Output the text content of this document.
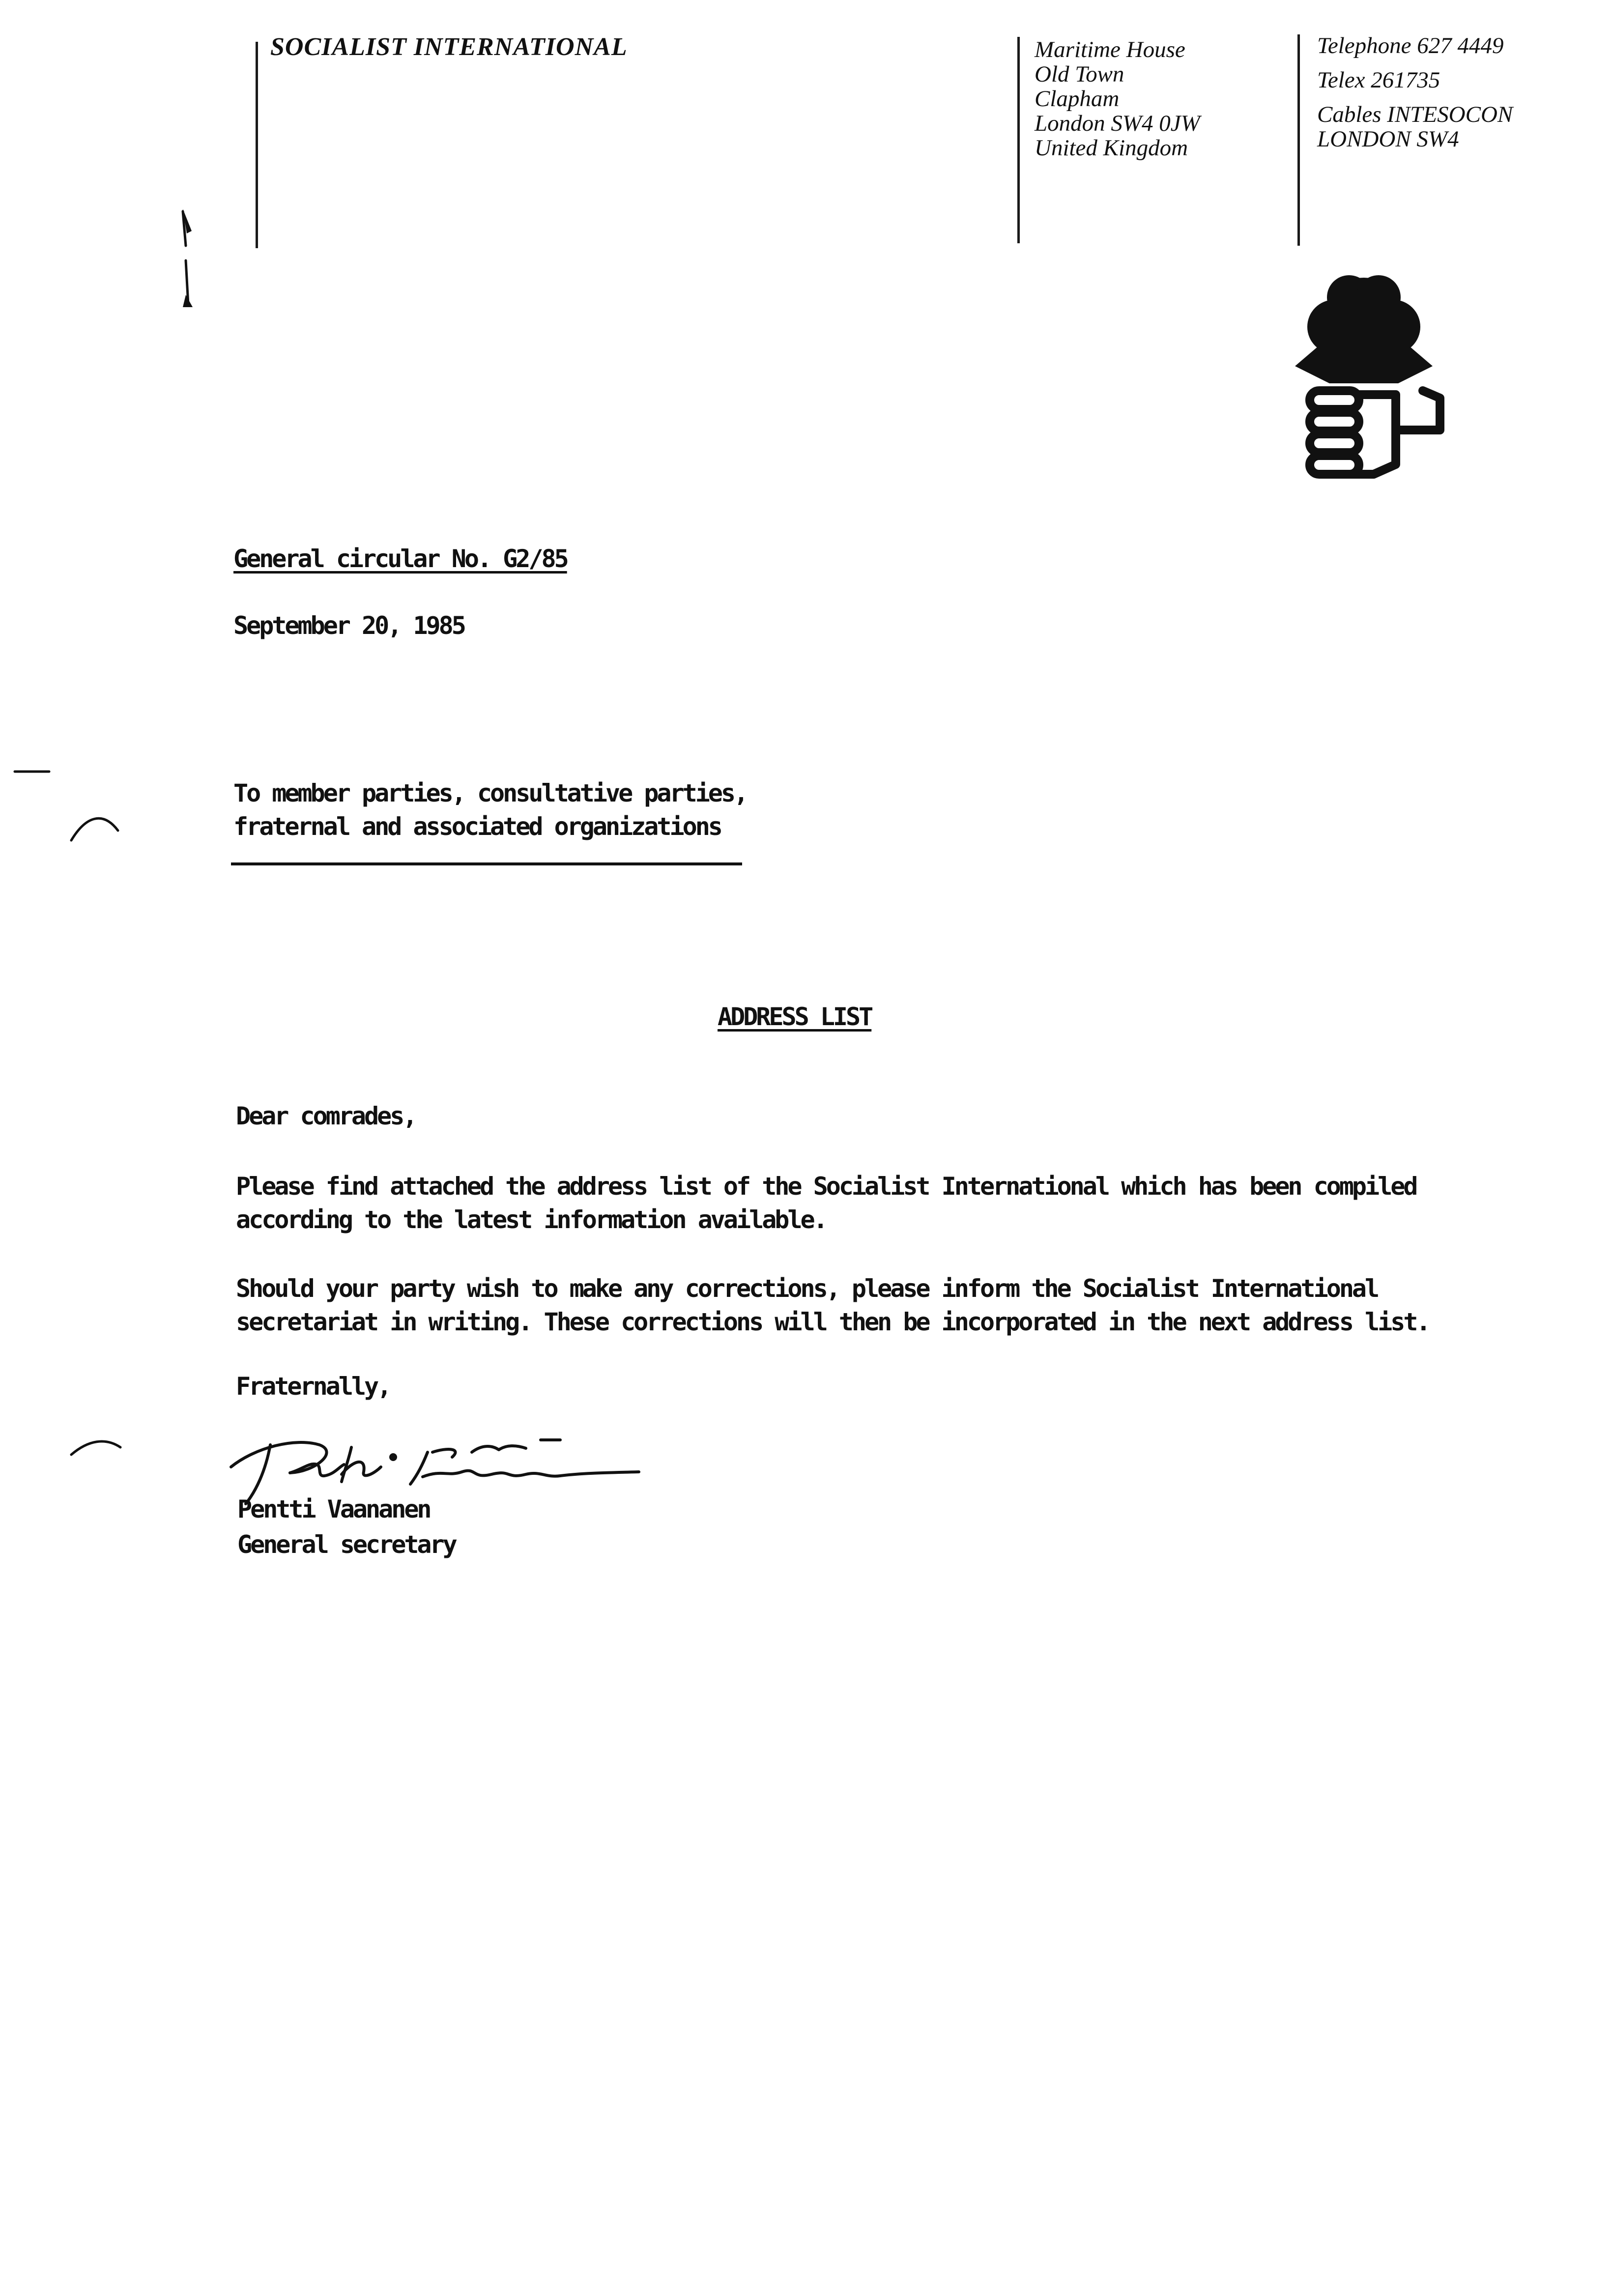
SOCIALIST INTERNATIONAL	Maritime House
Old Town
Clapham
London SW4 0JW
United Kingdom
Telephone 627 4449
Telex 261735
Cables INTESOCON
LONDON SW4
General circular No. G2/85
September 20, 1985
To member parties, consultative parties,
fraternal and associated organizations
ADDRESS LIST
Dear comrades,
Please find attached the address list of the Socialist International which has been compiled
according to the latest information available.
Should your party wish to make any corrections, please inform the Socialist International
secretariat in writing. These corrections will then be incorporated in the next address list.
Fraternally,
Pentti Vaananen
General secretary
